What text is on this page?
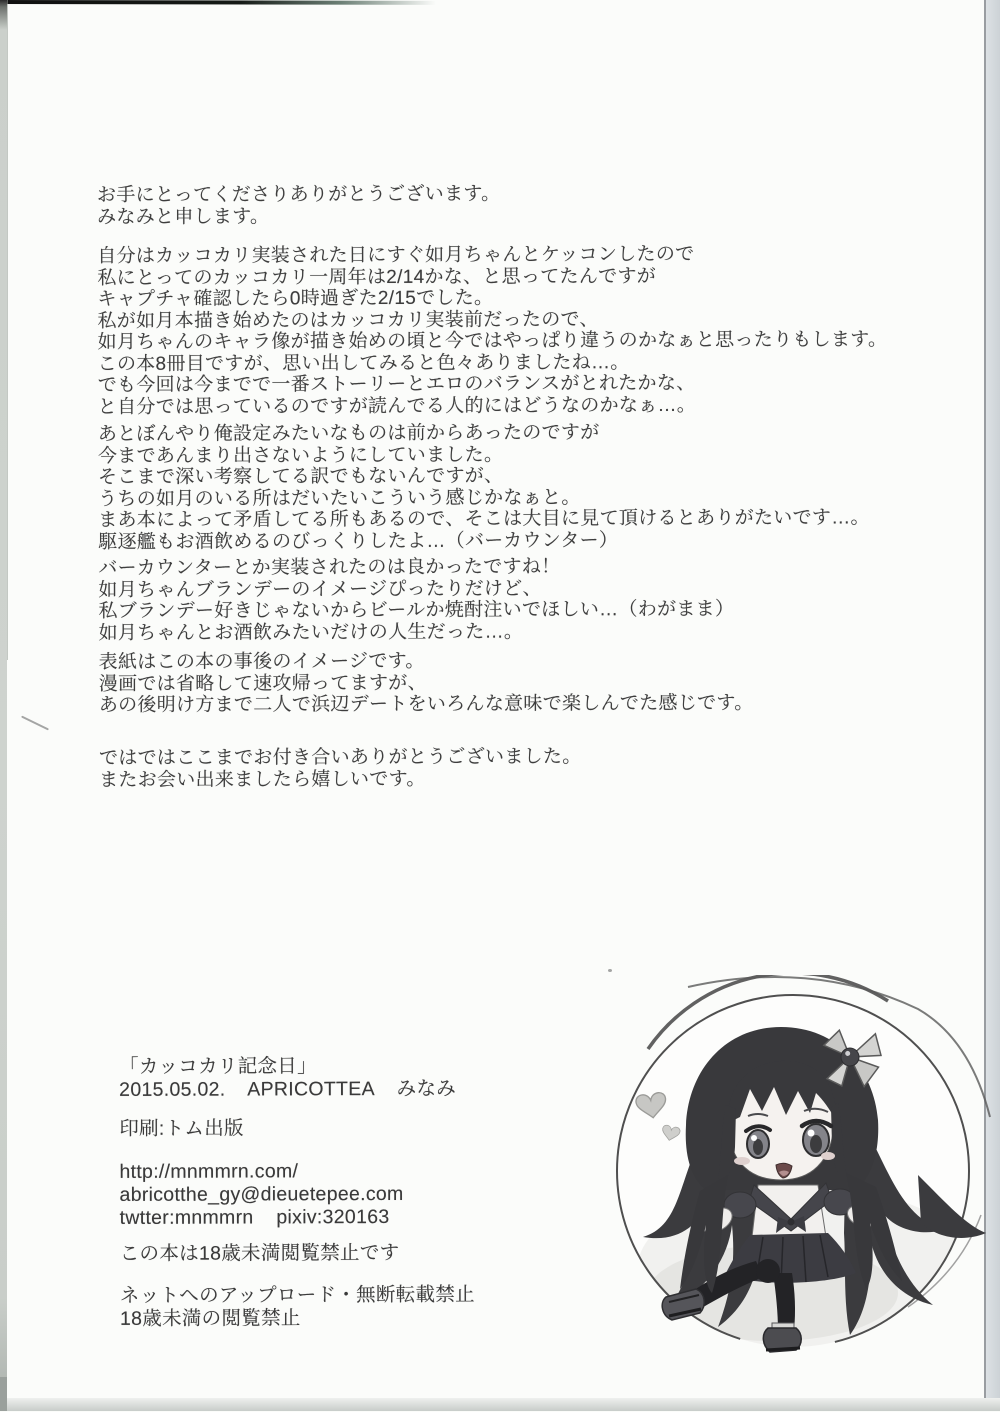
お手にとってくださりありがとうございます。
みなみと申します。
自分はカッコカリ実装された日にすぐ如月ちゃんとケッコンしたので
私にとってのカッコカリ一周年は2/14かな、と思ってたんですが
キャプチャ確認したら0時過ぎた2/15でした。
私が如月本描き始めたのはカッコカリ実装前だったので、
如月ちゃんのキャラ像が描き始めの頃と今ではやっぱり違うのかなぁと思ったりもします。
この本8冊目ですが、思い出してみると色々ありましたね…。
でも今回は今までで一番ストーリーとエロのバランスがとれたかな、
と自分では思っているのですが読んでる人的にはどうなのかなぁ…。
あとぼんやり俺設定みたいなものは前からあったのですが
今まであんまり出さないようにしていました。
そこまで深い考察してる訳でもないんですが、
うちの如月のいる所はだいたいこういう感じかなぁと。
まあ本によって矛盾してる所もあるので、そこは大目に見て頂けるとありがたいです…。
駆逐艦もお酒飲めるのびっくりしたよ…（バーカウンター）
バーカウンターとか実装されたのは良かったですね！
如月ちゃんブランデーのイメージぴったりだけど、
私ブランデー好きじゃないからビールか焼酎注いでほしい…（わがまま）
如月ちゃんとお酒飲みたいだけの人生だった…。
表紙はこの本の事後のイメージです。
漫画では省略して速攻帰ってますが、
あの後明け方まで二人で浜辺デートをいろんな意味で楽しんでた感じです。
ではではここまでお付き合いありがとうございました。
またお会い出来ましたら嬉しいです。
「カッコカリ記念日」
2015.05.02.    APRICOTTEA    みなみ
印刷:トム出版
http://mnmmrn.com/
abricotthe_gy@dieuetepee.com
twtter:mnmmrn    pixiv:320163
この本は18歳未満閲覧禁止です
ネットへのアップロード・無断転載禁止
18歳未満の閲覧禁止
